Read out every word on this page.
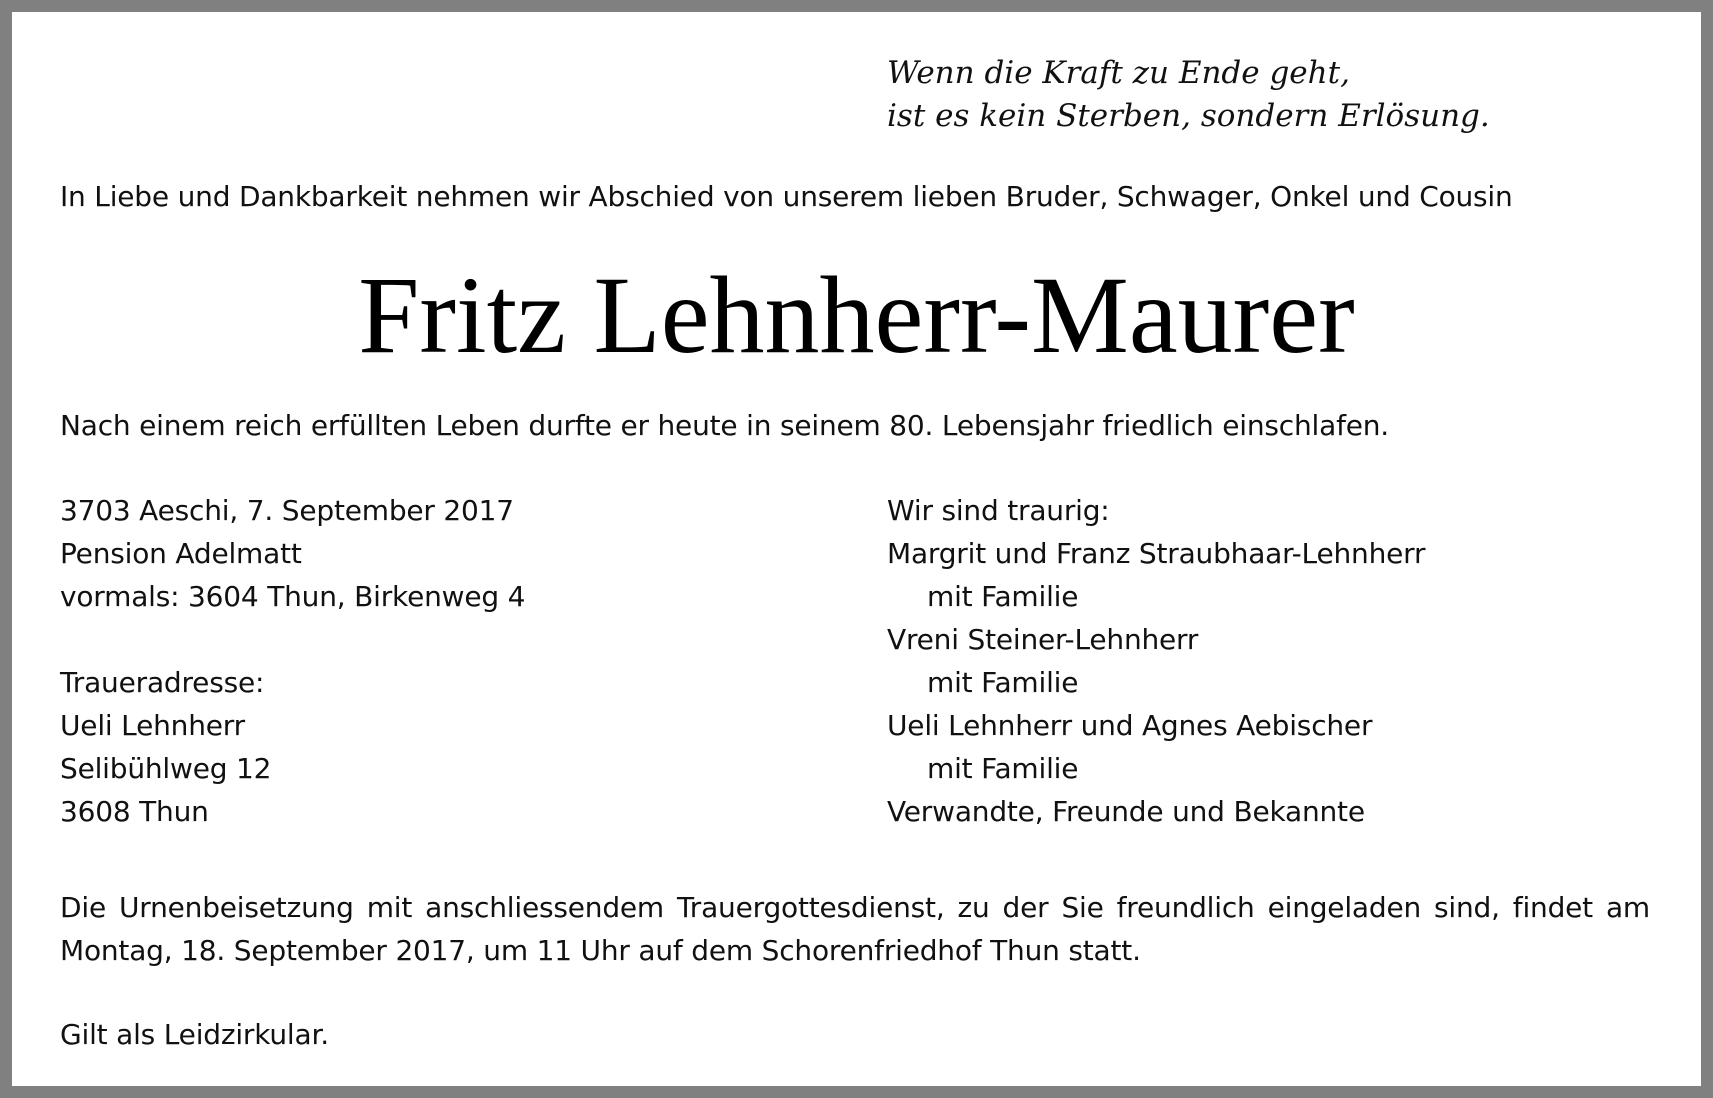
Wenn die Kraft zu Ende geht,
ist es kein Sterben, sondern Erlösung.

In Liebe und Dankbarkeit nehmen wir Abschied von unserem lieben Bruder, Schwager, Onkel und Cousin

Fritz Lehnherr-Maurer

Nach einem reich erfüllten Leben durfte er heute in seinem 80. Lebensjahr friedlich einschlafen.

3703 Aeschi, 7. September 2017
Pension Adelmatt
vormals: 3604 Thun, Birkenweg 4
Traueradresse:
Ueli Lehnherr
Selibühlweg 12
3608 Thun
Wir sind traurig:
Margrit und Franz Straubhaar-Lehnherr
mit Familie
Vreni Steiner-Lehnherr
mit Familie
Ueli Lehnherr und Agnes Aebischer
mit Familie
Verwandte, Freunde und Bekannte

Die Urnenbeisetzung mit anschliessendem Trauergottesdienst, zu der Sie freundlich eingeladen sind, findet am Montag, 18. September 2017, um 11 Uhr auf dem Schorenfriedhof Thun statt.

Gilt als Leidzirkular.
